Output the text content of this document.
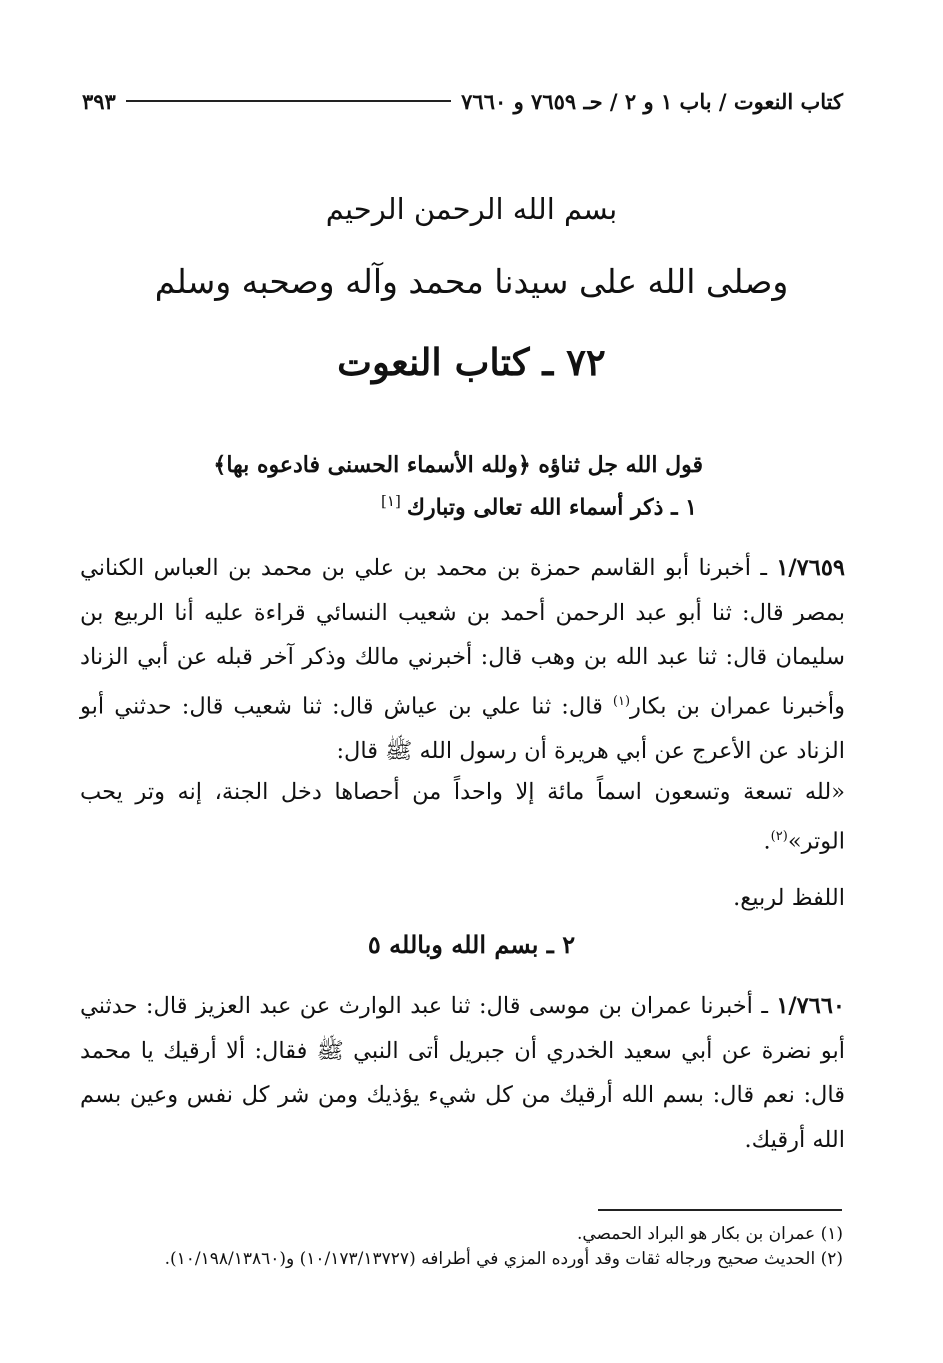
كتاب النعوت / باب ١ و ٢ / حـ ٧٦٥٩ و ٧٦٦٠
٣٩٣
بسم الله الرحمن الرحيم
وصلى الله على سيدنا محمد وآله وصحبه وسلم
٧٢ ـ كتاب النعوت
قول الله جل ثناؤه ﴿ولله الأسماء الحسنى فادعوه بها﴾
١ ـ ذكر أسماء الله تعالى وتبارك[١]
١/٧٦٥٩ ـ أخبرنا أبو القاسم حمزة بن محمد بن علي بن محمد بن العباس الكناني بمصر قال: ثنا أبو عبد الرحمن أحمد بن شعيب النسائي قراءة عليه أنا الربيع بن سليمان قال: ثنا عبد الله بن وهب قال: أخبرني مالك وذكر آخر قبله عن أبي الزناد وأخبرنا عمران بن بكار$^{(١)}$ قال: ثنا علي بن عياش قال: ثنا شعيب قال: حدثني أبو الزناد عن الأعرج عن أبي هريرة أن رسول الله ﷺ قال:
«لله تسعة وتسعون اسماً مائة إلا واحداً من أحصاها دخل الجنة، إنه وتر يحب الوتر»$^{(٢)}$.
اللفظ لربيع.
٢ ـ بسم الله وبالله ٥
١/٧٦٦٠ ـ أخبرنا عمران بن موسى قال: ثنا عبد الوارث عن عبد العزيز قال: حدثني أبو نضرة عن أبي سعيد الخدري أن جبريل أتى النبي ﷺ فقال: ألا أرقيك يا محمد قال: نعم قال: بسم الله أرقيك من كل شيء يؤذيك ومن شر كل نفس وعين بسم الله أرقيك.

(١) عمران بن بكار هو البراد الحمصي.

(٢) الحديث صحيح ورجاله ثقات وقد أورده المزي في أطرافه (١٠/١٧٣/١٣٧٢٧) و(١٠/١٩٨/١٣٨٦٠).
